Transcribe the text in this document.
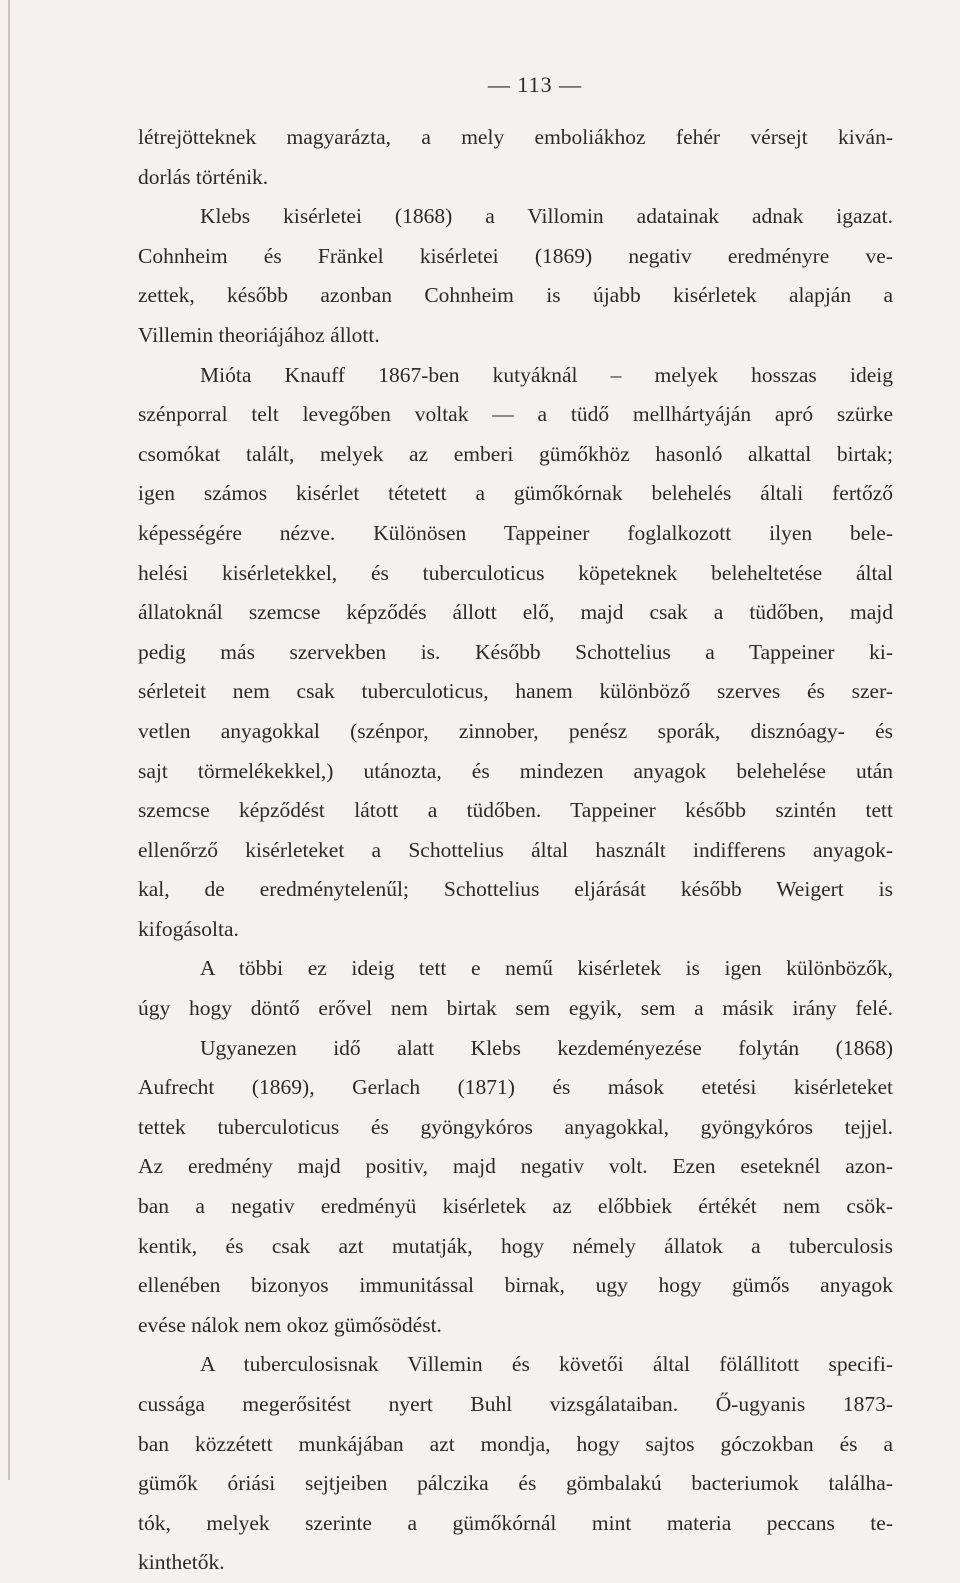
— 113 —
létrejötteknek magyarázta, a mely emboliákhoz fehér vérsejt kiván-
dorlás történik.
Klebs kisérletei (1868) a Villomin adatainak adnak igazat.
Cohnheim és Fränkel kisérletei (1869) negativ eredményre ve-
zettek, később azonban Cohnheim is újabb kisérletek alapján a
Villemin theoriájához állott.
Mióta Knauff 1867-ben kutyáknál – melyek hosszas ideig
szénporral telt levegőben voltak — a tüdő mellhártyáján apró szürke
csomókat talált, melyek az emberi gümőkhöz hasonló alkattal birtak;
igen számos kisérlet tétetett a gümőkórnak belehelés általi fertőző
képességére nézve. Különösen Tappeiner foglalkozott ilyen bele-
helési kisérletekkel, és tuberculoticus köpeteknek beleheltetése által
állatoknál szemcse képződés állott elő, majd csak a tüdőben, majd
pedig más szervekben is. Később Schottelius a Tappeiner ki-
sérleteit nem csak tuberculoticus, hanem különböző szerves és szer-
vetlen anyagokkal (szénpor, zinnober, penész sporák, disznóagy- és
sajt törmelékekkel,) utánozta, és mindezen anyagok belehelése után
szemcse képződést látott a tüdőben. Tappeiner később szintén tett
ellenőrző kisérleteket a Schottelius által használt indifferens anyagok-
kal, de eredménytelenűl; Schottelius eljárását később Weigert is
kifogásolta.
A többi ez ideig tett e nemű kisérletek is igen különbözők,
úgy hogy döntő erővel nem birtak sem egyik, sem a másik irány felé.
Ugyanezen idő alatt Klebs kezdeményezése folytán (1868)
Aufrecht (1869), Gerlach (1871) és mások etetési kisérleteket
tettek tuberculoticus és gyöngykóros anyagokkal, gyöngykóros tejjel.
Az eredmény majd positiv, majd negativ volt. Ezen eseteknél azon-
ban a negativ eredményü kisérletek az előbbiek értékét nem csök-
kentik, és csak azt mutatják, hogy némely állatok a tuberculosis
ellenében bizonyos immunitással birnak, ugy hogy gümős anyagok
evése nálok nem okoz gümősödést.
A tuberculosisnak Villemin és követői által fölállitott specifi-
cussága megerősitést nyert Buhl vizsgálataiban. Ő-ugyanis 1873-
ban közzétett munkájában azt mondja, hogy sajtos góczokban és a
gümők óriási sejtjeiben pálczika és gömbalakú bacteriumok találha-
tók, melyek szerinte a gümőkórnál mint materia peccans te-
kinthetők.
